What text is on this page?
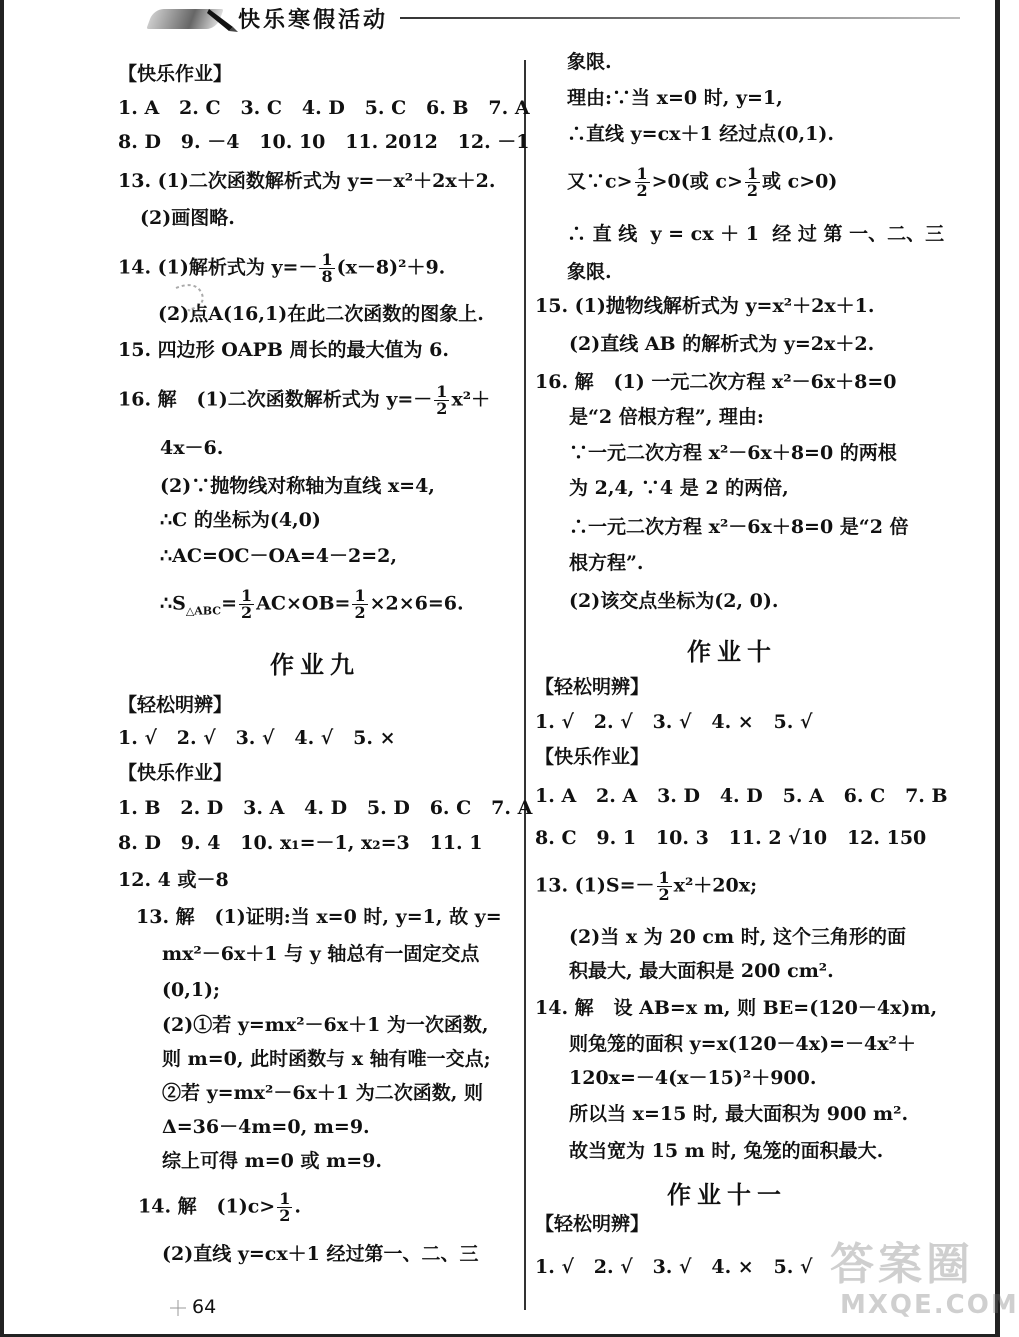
快乐寒假活动
【快乐作业】
1. A   2. C   3. C   4. D   5. C   6. B   7. A
8. D   9. －4   10. 10   11. 2012   12. －1
13. (1)二次函数解析式为 y=－x²＋2x＋2.
(2)画图略.
14. (1)解析式为 $y=- \frac{1}{8} (x-8)^2+9$.
(2)点A(16,1)在此二次函数的图象上.
15. 四边形 OAPB 周长的最大值为 6.
16. 解   (1)二次函数解析式为 $y=- \frac{1}{2} x^2+$
4x－6.
(2)∵抛物线对称轴为直线 x=4,
∴C 的坐标为(4,0)
∴AC=OC－OA=4－2=2,
$\therefore S_{\triangle ABC}= \frac{1}{2} AC\times OB= \frac{1}{2} \times 2\times 6=6$.
作业九
【轻松明辨】
1. √   2. √   3. √   4. √   5. ×
【快乐作业】
1. B   2. D   3. A   4. D   5. D   6. C   7. A
8. D   9. 4   10. x₁=－1, x₂=3   11. 1
12. 4 或－8
13. 解   (1)证明:当 x=0 时, y=1, 故 y=
mx²－6x＋1 与 y 轴总有一固定交点
(0,1);
(2)①若 y=mx²－6x＋1 为一次函数,
则 m=0, 此时函数与 x 轴有唯一交点;
②若 y=mx²－6x＋1 为二次函数, 则
Δ=36－4m=0, m=9.
综上可得 m=0 或 m=9.
14. 解   $(1)c> \frac{1}{2}$ .
(2)直线 y=cx＋1 经过第一、二、三
象限.
理由:∵当 x=0 时, y=1,
∴直线 y=cx＋1 经过点(0,1).
又∵c> $\frac{1}{2} >0$(或 $c> \frac{1}{2}$ 或 c>0)
∴ 直 线  y = cx ＋ 1  经 过 第 一、二、三
象限.
15. (1)抛物线解析式为 y=x²＋2x＋1.
(2)直线 AB 的解析式为 y=2x＋2.
16. 解   (1) 一元二次方程 x²－6x＋8=0
是“2 倍根方程”, 理由:
∵一元二次方程 x²－6x＋8=0 的两根
为 2,4, ∵4 是 2 的两倍,
∴一元二次方程 x²－6x＋8=0 是“2 倍
根方程”.
(2)该交点坐标为(2, 0).
作业十
【轻松明辨】
1. √   2. √   3. √   4. ×   5. √
【快乐作业】
1. A   2. A   3. D   4. D   5. A   6. C   7. B
8. C   9. 1   10. 3   11. 2 √10   12. 150
13. $(1)S=- \frac{1}{2} x^2+20x$;
(2)当 x 为 20 cm 时, 这个三角形的面
积最大, 最大面积是 200 cm².
14. 解   设 AB=x m, 则 BE=(120－4x)m,
则兔笼的面积 y=x(120－4x)=－4x²＋
120x=－4(x－15)²＋900.
所以当 x=15 时, 最大面积为 900 m².
故当宽为 15 m 时, 兔笼的面积最大.
作业十一
【轻松明辨】
1. √   2. √   3. √   4. ×   5. √
64
答案圈
MXQE.COM
